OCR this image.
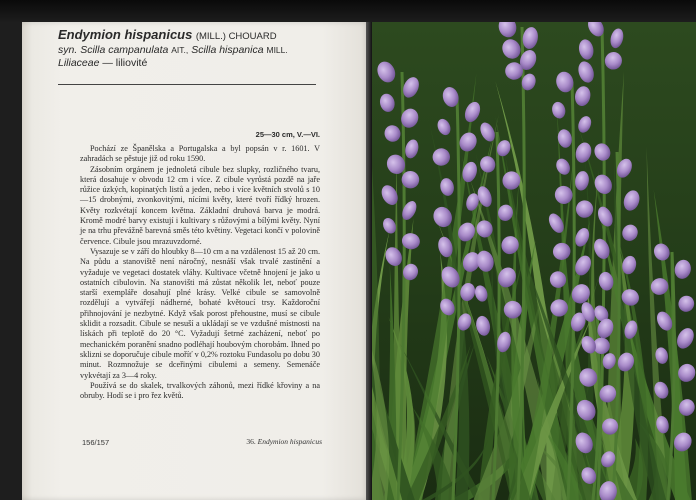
Endymion hispanicus (MILL.) CHOUARD
syn. Scilla campanulata AIT., Scilla hispanica MILL.
Liliaceae — liliovité
25—30 cm, V.—VI.

Pochází ze Španělska a Portugalska a byl popsán v r. 1601. V zahradách se pěstuje již od roku 1590.

Zásobním orgánem je jednoletá cibule bez slupky, rozličného tvaru, která dosahuje v obvodu 12 cm i více. Z cibule vyrůstá pozdě na jaře růžice úzkých, kopinatých listů a jeden, nebo i více květních stvolů s 10—15 drobnými, zvonkovitými, nícími květy, které tvoří řídký hrozen. Květy rozkvétají koncem května. Základní druhová barva je modrá. Kromě modré barvy existují i kultivary s růžovými a bílými květy. Nyní je na trhu převážně barevná směs této květiny. Vegetaci končí v polovině července. Cibule jsou mrazuvzdorné.

Vysazuje se v září do hloubky 8—10 cm a na vzdálenost 15 až 20 cm. Na půdu a stanoviště není náročný, nesnáší však trvalé zastínění a vyžaduje ve vegetaci dostatek vláhy. Kultivace včetně hnojení je jako u ostatních cibulovin. Na stanovišti má zůstat několik let, neboť pouze starší exempláře dosahují plné krásy. Velké cibule se samovolně rozdělují a vytvářejí nádherné, bohaté květoucí trsy. Každoroční přihnojování je nezbytné. Když však porost přehoustne, musí se cibule sklidit a rozsadit. Cibule se nesuší a ukládají se ve vzdušné místnosti na lískách při teplotě do 20 °C. Vyžadují šetrné zacházení, neboť po mechanickém poranění snadno podléhají houbovým chorobám. Ihned po sklizni se doporučuje cibule moříť v 0,2% roztoku Fundasolu po dobu 30 minut. Rozmnožuje se dceřinými cibulemi a semeny. Semenáče vykvétají za 3—4 roky.

Používá se do skalek, trvalkových záhonů, mezi řídké křoviny a na obruby. Hodí se i pro řez květů.

156/157	36. Endymion hispanicus
